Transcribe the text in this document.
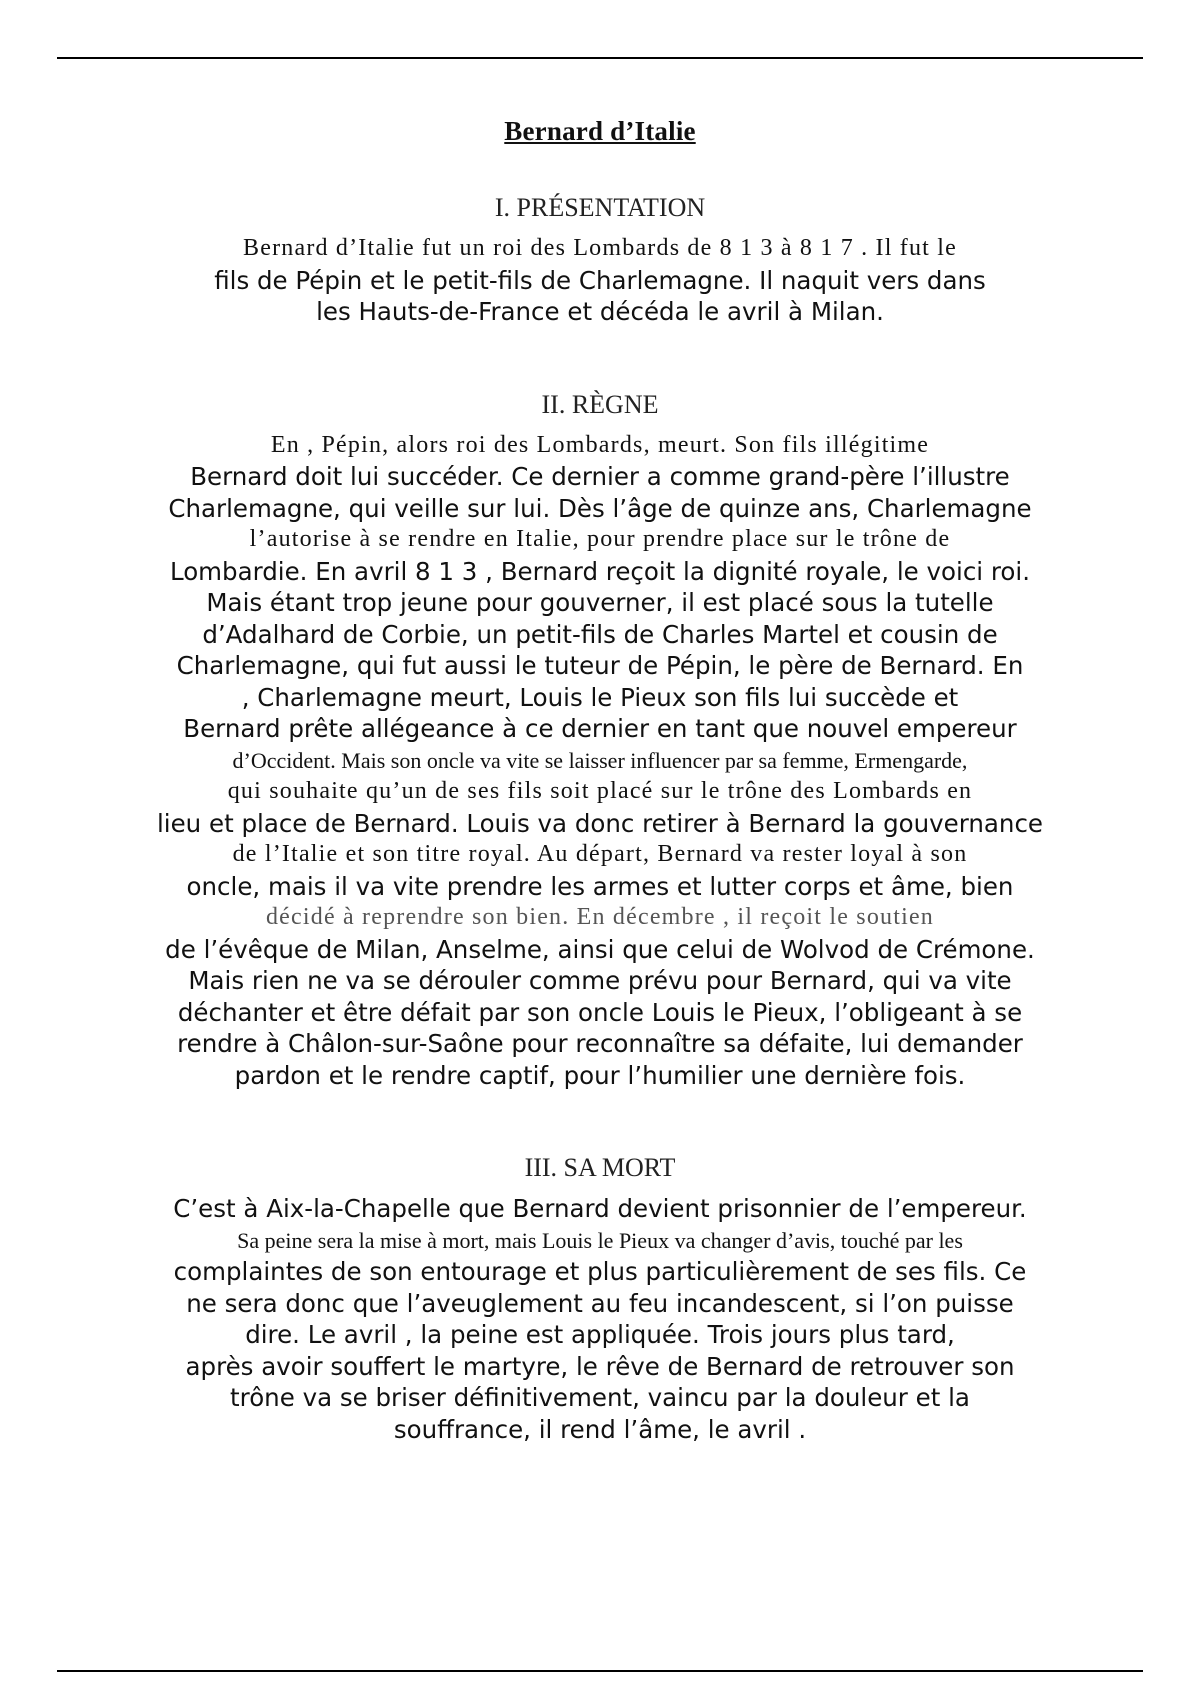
Bernard d’Italie
I. PRÉSENTATION
Bernard d’Italie fut un roi des Lombards de 8 1 3 à 8 1 7 . Il fut le
fils de Pépin et le petit-fils de Charlemagne. Il naquit vers dans
les Hauts-de-France et décéda le avril à Milan.
II. RÈGNE
En , Pépin, alors roi des Lombards, meurt. Son fils illégitime
Bernard doit lui succéder. Ce dernier a comme grand-père l’illustre
Charlemagne, qui veille sur lui. Dès l’âge de quinze ans, Charlemagne
l’autorise à se rendre en Italie, pour prendre place sur le trône de
Lombardie. En avril 8 1 3 , Bernard reçoit la dignité royale, le voici roi.
Mais étant trop jeune pour gouverner, il est placé sous la tutelle
d’Adalhard de Corbie, un petit-fils de Charles Martel et cousin de
Charlemagne, qui fut aussi le tuteur de Pépin, le père de Bernard. En
, Charlemagne meurt, Louis le Pieux son fils lui succède et
Bernard prête allégeance à ce dernier en tant que nouvel empereur
d’Occident. Mais son oncle va vite se laisser influencer par sa femme, Ermengarde,
qui souhaite qu’un de ses fils soit placé sur le trône des Lombards en
lieu et place de Bernard. Louis va donc retirer à Bernard la gouvernance
de l’Italie et son titre royal. Au départ, Bernard va rester loyal à son
oncle, mais il va vite prendre les armes et lutter corps et âme, bien
décidé à reprendre son bien. En décembre , il reçoit le soutien
de l’évêque de Milan, Anselme, ainsi que celui de Wolvod de Crémone.
Mais rien ne va se dérouler comme prévu pour Bernard, qui va vite
déchanter et être défait par son oncle Louis le Pieux, l’obligeant à se
rendre à Châlon-sur-Saône pour reconnaître sa défaite, lui demander
pardon et le rendre captif, pour l’humilier une dernière fois.
III. SA MORT
C’est à Aix-la-Chapelle que Bernard devient prisonnier de l’empereur.
Sa peine sera la mise à mort, mais Louis le Pieux va changer d’avis, touché par les
complaintes de son entourage et plus particulièrement de ses fils. Ce
ne sera donc que l’aveuglement au feu incandescent, si l’on puisse
dire. Le avril , la peine est appliquée. Trois jours plus tard,
après avoir souffert le martyre, le rêve de Bernard de retrouver son
trône va se briser définitivement, vaincu par la douleur et la
souffrance, il rend l’âme, le avril .
